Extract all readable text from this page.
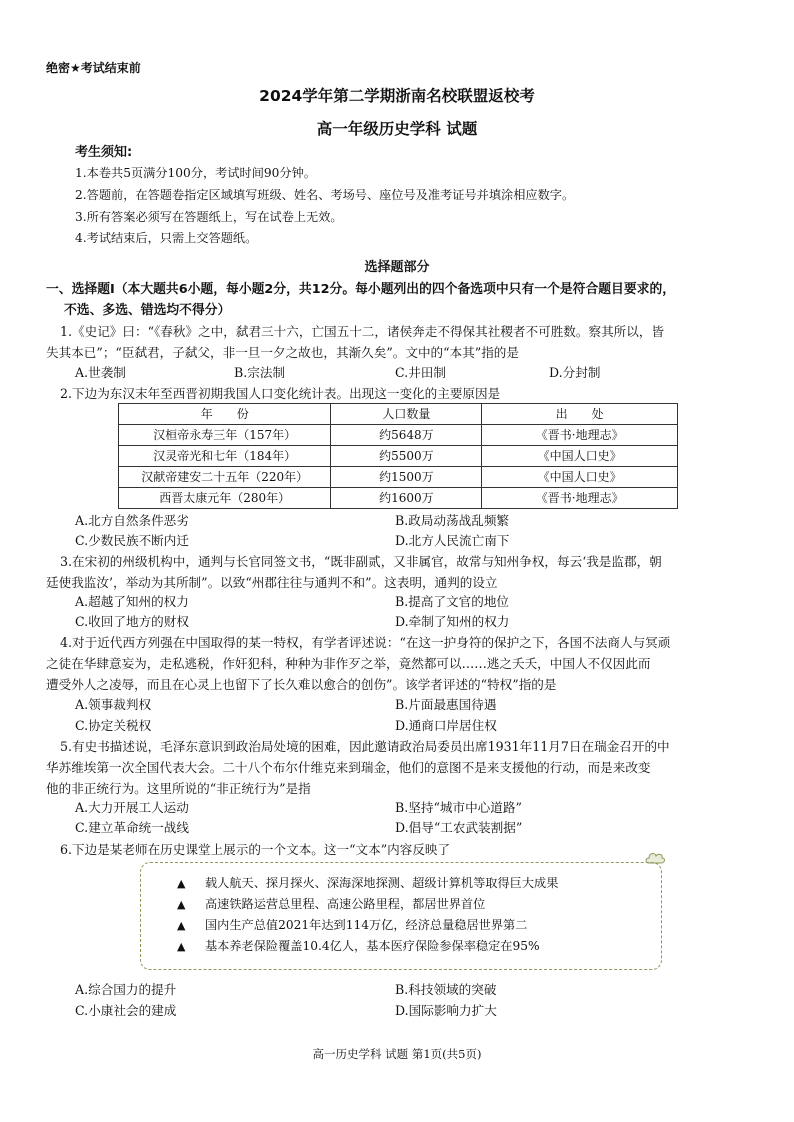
绝密★考试结束前
2024学年第二学期浙南名校联盟返校考
高一年级历史学科 试题
考生须知:
1.本卷共5页满分100分，考试时间90分钟。
2.答题前，在答题卷指定区域填写班级、姓名、考场号、座位号及准考证号并填涂相应数字。
3.所有答案必须写在答题纸上，写在试卷上无效。
4.考试结束后，只需上交答题纸。
选择题部分
一、选择题Ⅰ（本大题共6小题，每小题2分，共12分。每小题列出的四个备选项中只有一个是符合题目要求的，
不选、多选、错选均不得分）
1.《史记》曰：“《春秋》之中，弑君三十六，亡国五十二，诸侯奔走不得保其社稷者不可胜数。察其所以，皆
失其本已”；“臣弑君，子弑父，非一旦一夕之故也，其渐久矣”。文中的“本其”指的是
A.世袭制	B.宗法制	C.井田制	D.分封制
2.下边为东汉末年至西晋初期我国人口变化统计表。出现这一变化的主要原因是
年　　份	人口数量	出　　处
汉桓帝永寿三年（157年）	约5648万	《晋书·地理志》
汉灵帝光和七年（184年）	约5500万	《中国人口史》
汉献帝建安二十五年（220年）	约1500万	《中国人口史》
西晋太康元年（280年）	约1600万	《晋书·地理志》
A.北方自然条件恶劣	B.政局动荡战乱频繁
C.少数民族不断内迁	D.北方人民流亡南下
3.在宋初的州级机构中，通判与长官同签文书，“既非副贰，又非属官，故常与知州争权，每云‘我是监郡，朝
廷使我监汝’，举动为其所制”。以致“州郡往往与通判不和”。这表明，通判的设立
A.超越了知州的权力	B.提高了文官的地位
C.收回了地方的财权	D.牵制了知州的权力
4.对于近代西方列强在中国取得的某一特权，有学者评述说：“在这一护身符的保护之下，各国不法商人与冥顽
之徒在华肆意妄为，走私逃税，作奸犯科，种种为非作歹之举，竟然都可以……逃之夭夭，中国人不仅因此而
遭受外人之凌辱，而且在心灵上也留下了长久难以愈合的创伤”。该学者评述的“特权”指的是
A.领事裁判权	B.片面最惠国待遇
C.协定关税权	D.通商口岸居住权
5.有史书描述说，毛泽东意识到政治局处境的困难，因此邀请政治局委员出席1931年11月7日在瑞金召开的中
华苏维埃第一次全国代表大会。二十八个布尔什维克来到瑞金，他们的意图不是来支援他的行动，而是来改变
他的非正统行为。这里所说的“非正统行为”是指
A.大力开展工人运动	B.坚持“城市中心道路”
C.建立革命统一战线	D.倡导“工农武装割据”
6.下边是某老师在历史课堂上展示的一个文本。这一“文本”内容反映了
▲ 载人航天、探月探火、深海深地探测、超级计算机等取得巨大成果
▲ 高速铁路运营总里程、高速公路里程，都居世界首位
▲ 国内生产总值2021年达到114万亿，经济总量稳居世界第二
▲ 基本养老保险覆盖10.4亿人，基本医疗保险参保率稳定在95%
A.综合国力的提升	B.科技领域的突破
C.小康社会的建成	D.国际影响力扩大
高一历史学科 试题 第1页(共5页)
